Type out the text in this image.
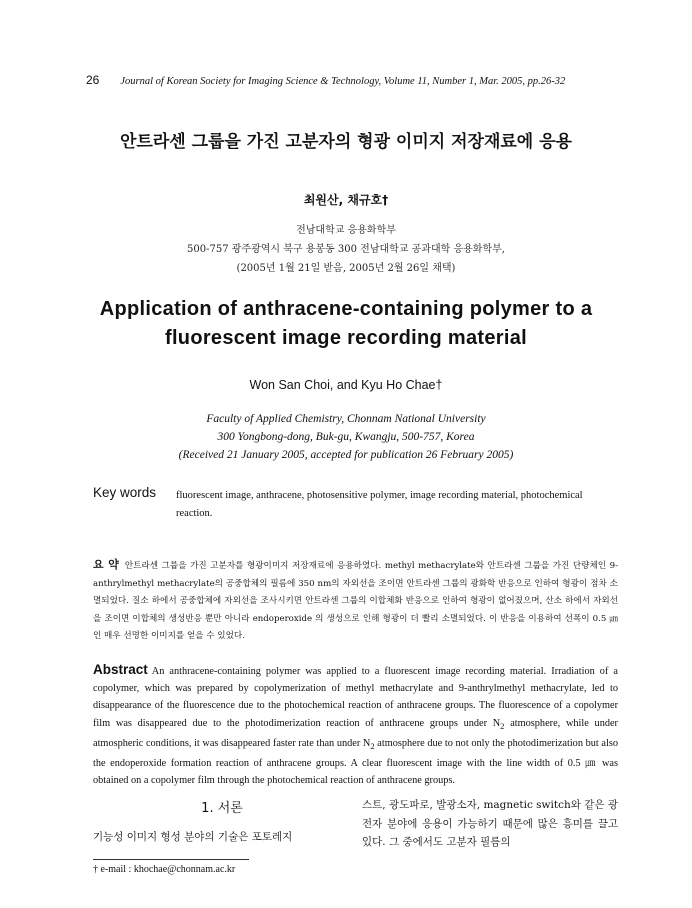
26 Journal of Korean Society for Imaging Science & Technology, Volume 11, Number 1, Mar. 2005, pp.26-32
안트라센 그룹을 가진 고분자의 형광 이미지 저장재료에 응용
최원산, 채규호†
전남대학교 응용화학부
500-757 광주광역시 북구 용봉동 300 전남대학교 공과대학 응용화학부,
(2005년 1월 21일 받음, 2005년 2월 26일 채택)
Application of anthracene-containing polymer to a
fluorescent image recording material
Won San Choi, and Kyu Ho Chae†
Faculty of Applied Chemistry, Chonnam National University
300 Yongbong-dong, Buk-gu, Kwangju, 500-757, Korea
(Received 21 January 2005, accepted for publication 26 February 2005)
Key words fluorescent image, anthracene, photosensitive polymer, image recording material, photochemical reaction.
요 약 안트라센 그룹을 가진 고분자를 형광이미지 저장재료에 응용하였다. methyl methacrylate와 안트라센 그룹을 가진 단량체인 9-anthrylmethyl methacrylate의 공중합체의 필름에 350 nm의 자외선을 조이면 안트라센 그룹의 광화학 반응으로 인하여 형광이 점차 소멸되었다. 질소 하에서 공중합체에 자외선을 조사시키면 안트라센 그룹의 이합체화 반응으로 인하여 형광이 없어졌으며, 산소 하에서 자외선을 조이면 이합체의 생성반응 뿐만 아니라 endoperoxide 의 생성으로 인해 형광이 더 빨리 소멸되었다. 이 반응을 이용하여 선폭이 0.5 ㎛인 매우 선명한 이미지를 얻을 수 있었다.
Abstract An anthracene-containing polymer was applied to a fluorescent image recording material. Irradiation of a copolymer, which was prepared by copolymerization of methyl methacrylate and 9-anthrylmethyl methacrylate, led to disappearance of the fluorescence due to the photochemical reaction of anthracene groups. The fluorescence of a copolymer film was disappeared due to the photodimerization reaction of anthracene groups under $N_2$ atmosphere, while under atmospheric conditions, it was disappeared faster rate than under $N_2$ atmosphere due to not only the photodimerization but also the endoperoxide formation reaction of anthracene groups. A clear fluorescent image with the line width of 0.5 ㎛ was obtained on a copolymer film through the photochemical reaction of anthracene groups.
1. 서론
기능성 이미지 형성 분야의 기술은 포토레지
스트, 광도파로, 발광소자, magnetic switch와 같은 광전자 분야에 응용이 가능하기 때문에 많은 흥미를 끌고 있다. 그 중에서도 고분자 필름의
† e-mail : khochae@chonnam.ac.kr
